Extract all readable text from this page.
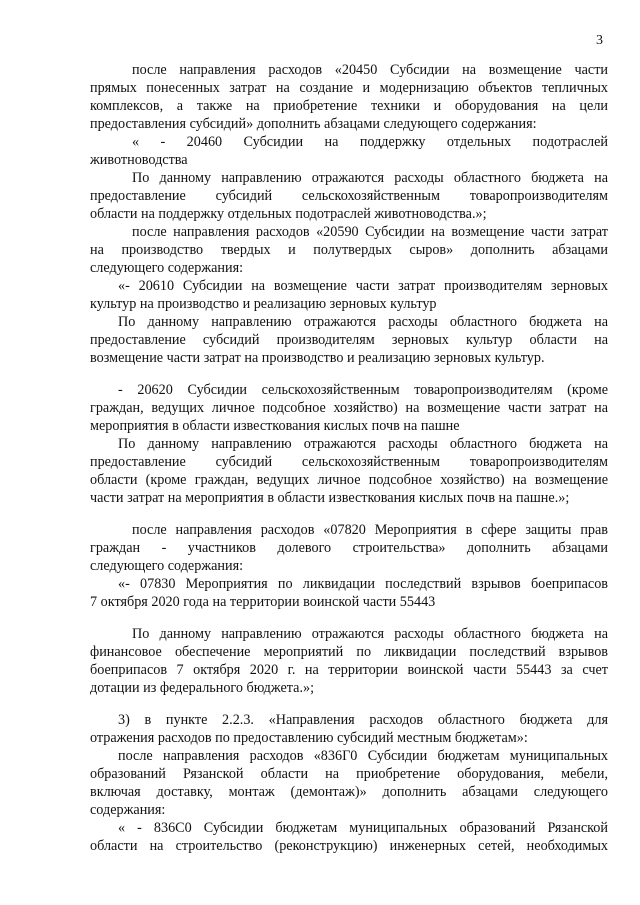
3
после направления расходов «20450 Субсидии на возмещение части
прямых понесенных затрат на создание и модернизацию объектов тепличных
комплексов, а также на приобретение техники и оборудования на цели
предоставления субсидий» дополнить абзацами следующего содержания:
« - 20460 Субсидии на поддержку отдельных подотраслей
животноводства
По данному направлению отражаются расходы областного бюджета на
предоставление субсидий сельскохозяйственным товаропроизводителям
области на поддержку отдельных подотраслей животноводства.»;
после направления расходов «20590 Субсидии на возмещение части затрат
на производство твердых и полутвердых сыров» дополнить абзацами
следующего содержания:
«- 20610 Субсидии на возмещение части затрат производителям зерновых
культур на производство и реализацию зерновых культур
По данному направлению отражаются расходы областного бюджета на
предоставление субсидий производителям зерновых культур области на
возмещение части затрат на производство и реализацию зерновых культур.
- 20620 Субсидии сельскохозяйственным товаропроизводителям (кроме
граждан, ведущих личное подсобное хозяйство) на возмещение части затрат на
мероприятия в области известкования кислых почв на пашне
По данному направлению отражаются расходы областного бюджета на
предоставление субсидий сельскохозяйственным товаропроизводителям
области (кроме граждан, ведущих личное подсобное хозяйство) на возмещение
части затрат на мероприятия в области известкования кислых почв на пашне.»;
после направления расходов «07820 Мероприятия в сфере защиты прав
граждан - участников долевого строительства» дополнить абзацами
следующего содержания:
«- 07830 Мероприятия по ликвидации последствий взрывов боеприпасов
7 октября 2020 года на территории воинской части 55443
По данному направлению отражаются расходы областного бюджета на
финансовое обеспечение мероприятий по ликвидации последствий взрывов
боеприпасов 7 октября 2020 г. на территории воинской части 55443 за счет
дотации из федерального бюджета.»;
3) в пункте 2.2.3. «Направления расходов областного бюджета для
отражения расходов по предоставлению субсидий местным бюджетам»:
после направления расходов «836Г0 Субсидии бюджетам муниципальных
образований Рязанской области на приобретение оборудования, мебели,
включая доставку, монтаж (демонтаж)» дополнить абзацами следующего
содержания:
« - 836С0 Субсидии бюджетам муниципальных образований Рязанской
области на строительство (реконструкцию) инженерных сетей, необходимых
